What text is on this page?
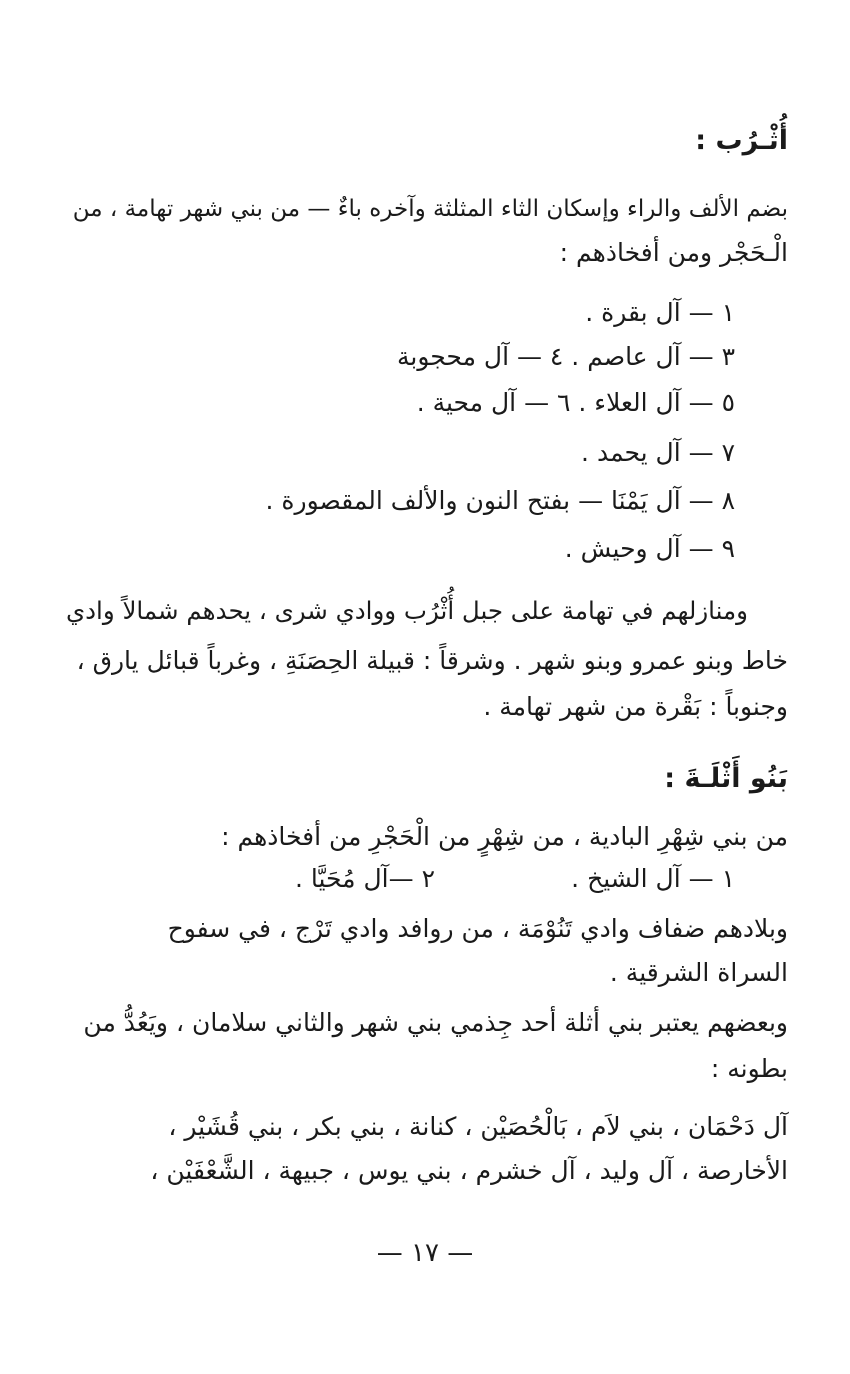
أُثْـرُب :
بضم الألف والراء وإسكان الثاء المثلثة وآخره باءٌ — من بني شهر تهامة ، من
الْـحَجْر ومن أفخاذهم :
١ — آل بقرة .
٣ — آل عاصم . ٤ — آل محجوبة
٥ — آل العلاء . ٦ — آل محية .
٧ — آل يحمد .
٨ — آل يَمْنَا — بفتح النون والألف المقصورة .
٩ — آل وحيش .
ومنازلهم في تهامة على جبل أُثْرُب ووادي شرى ، يحدهم شمالاً وادي
خاط وبنو عمرو وبنو شهر . وشرقاً : قبيلة الحِصَنَةِ ، وغرباً قبائل يارق ،
وجنوباً : بَقْرة من شهر تهامة .
بَنُو أَثْلَـةَ :
من بني شِهْرِ البادية ، من شِهْرٍ من الْحَجْرِ من أفخاذهم :
١ — آل الشيخ .
٢ —آل مُحَيَّا .
وبلادهم ضفاف وادي تَنُوْمَة ، من روافد وادي تَرْج ، في سفوح
السراة الشرقية .
وبعضهم يعتبر بني أثلة أحد جِذمي بني شهر والثاني سلامان ، ويَعُدُّ من
بطونه :
آل دَحْمَان ، بني لاَم ، بَالْحُصَيْن ، كنانة ، بني بكر ، بني قُشَيْر ،
الأخارصة ، آل وليد ، آل خشرم ، بني يوس ، جبيهة ، الشَّعْفَيْن ،
— ١٧ —
